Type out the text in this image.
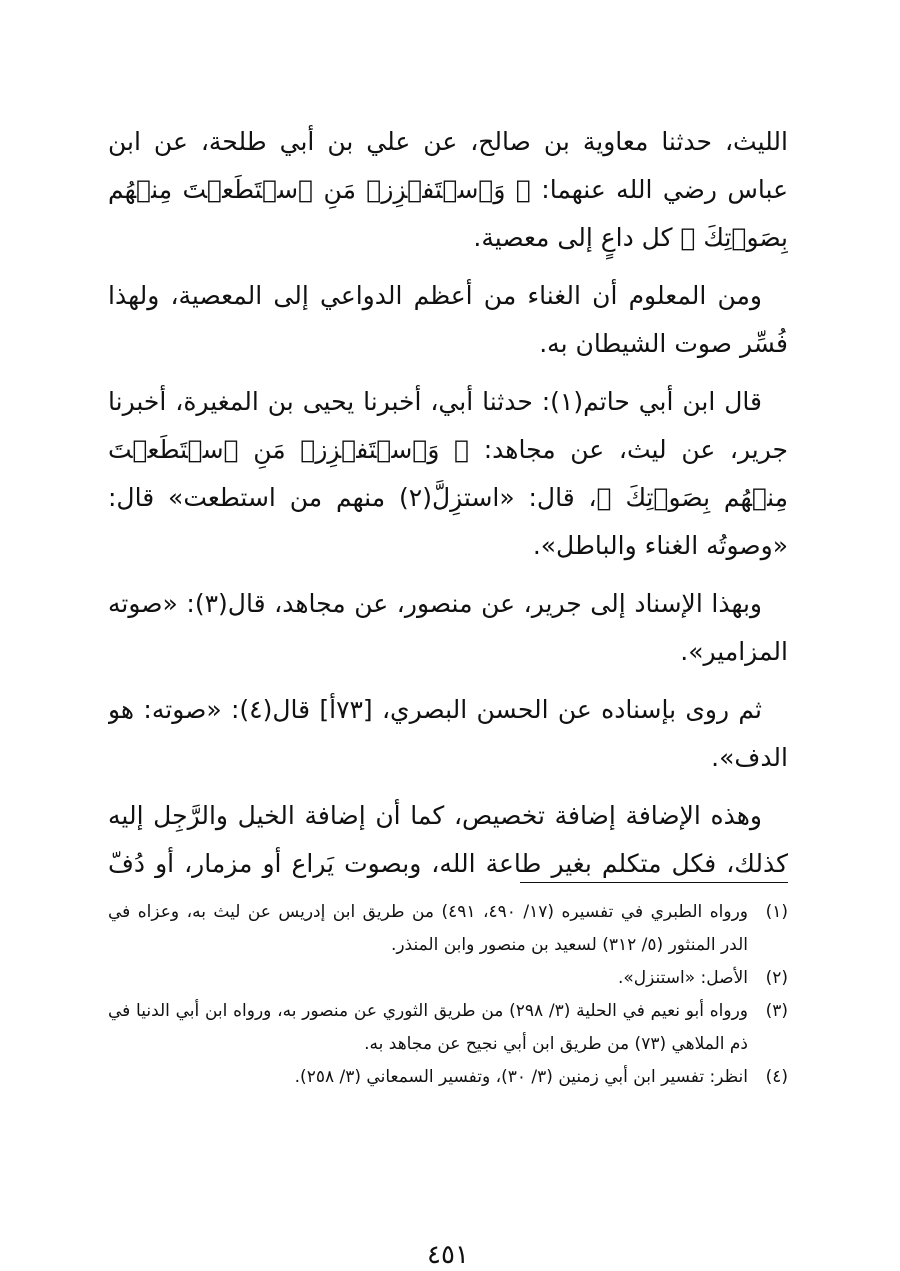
الليث، حدثنا معاوية بن صالح، عن علي بن أبي طلحة، عن ابن عباس رضي الله عنهما: ﴿ وَٱسۡتَفۡزِزۡ مَنِ ٱسۡتَطَعۡتَ مِنۡهُم بِصَوۡتِكَ ﴾ كل داعٍ إلى معصية.

ومن المعلوم أن الغناء من أعظم الدواعي إلى المعصية، ولهذا فُسِّر صوت الشيطان به.

قال ابن أبي حاتم(١): حدثنا أبي، أخبرنا يحيى بن المغيرة، أخبرنا جرير، عن ليث، عن مجاهد: ﴿ وَٱسۡتَفۡزِزۡ مَنِ ٱسۡتَطَعۡتَ مِنۡهُم بِصَوۡتِكَ ﴾، قال: «استزِلَّ(٢) منهم من استطعت» قال: «وصوتُه الغناء والباطل».

وبهذا الإسناد إلى جرير، عن منصور، عن مجاهد، قال(٣): «صوته المزامير».

ثم روى بإسناده عن الحسن البصري، [٧٣أ] قال(٤): «صوته: هو الدف».

وهذه الإضافة إضافة تخصيص، كما أن إضافة الخيل والرَّجِل إليه كذلك، فكل متكلم بغير طاعة الله، وبصوت يَراع أو مزمار، أو دُفّ

(١)
ورواه الطبري في تفسيره (١٧/ ٤٩٠، ٤٩١) من طريق ابن إدريس عن ليث به، وعزاه في الدر المنثور (٥/ ٣١٢) لسعيد بن منصور وابن المنذر.

(٢)
الأصل: «استنزل».

(٣)
ورواه أبو نعيم في الحلية (٣/ ٢٩٨) من طريق الثوري عن منصور به، ورواه ابن أبي الدنيا في ذم الملاهي (٧٣) من طريق ابن أبي نجيح عن مجاهد به.

(٤)
انظر: تفسير ابن أبي زمنين (٣/ ٣٠)، وتفسير السمعاني (٣/ ٢٥٨).

٤٥١
